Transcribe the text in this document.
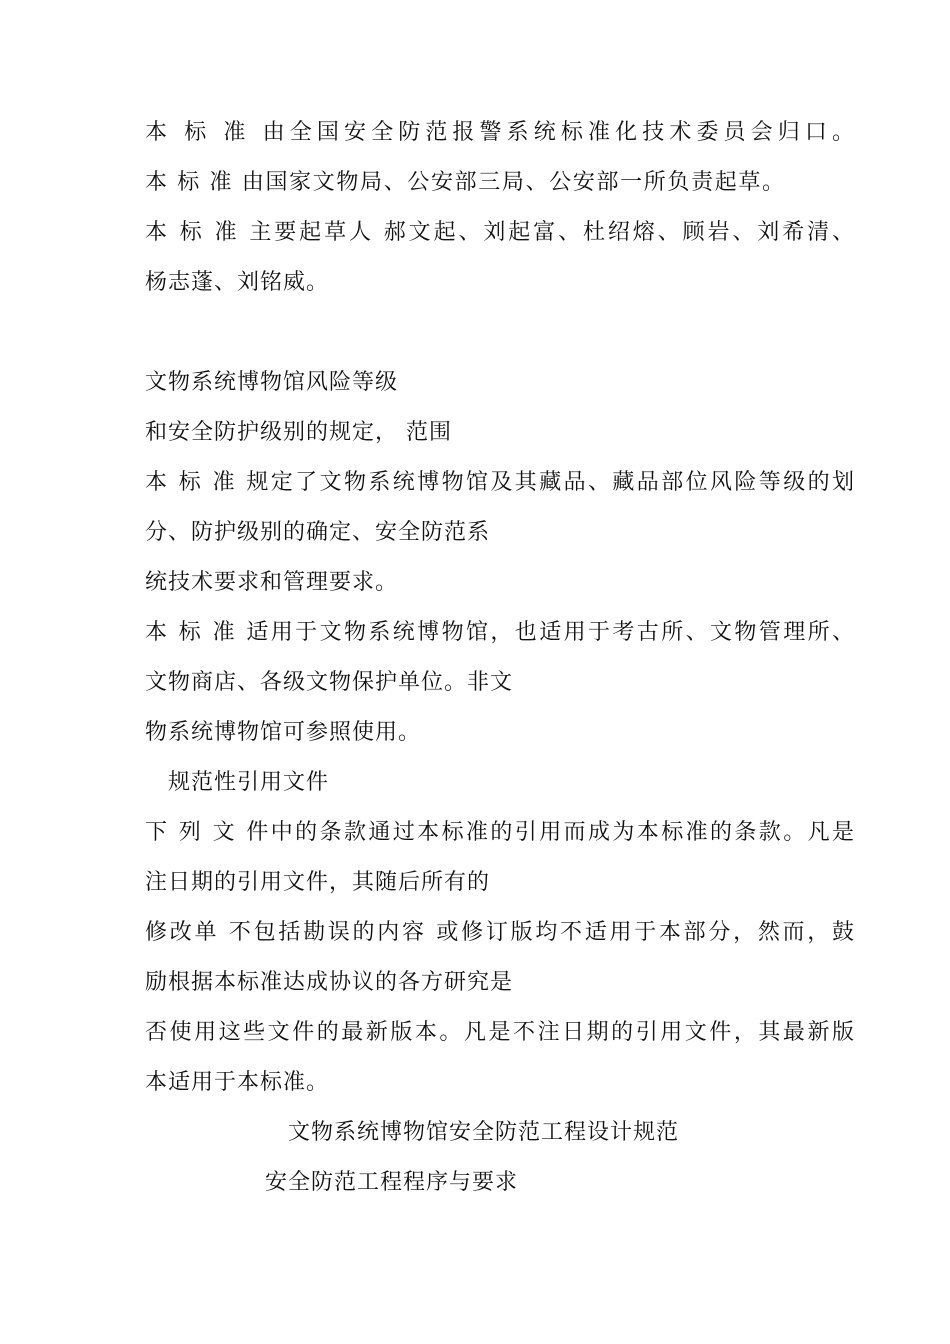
本 标 准 由全国安全防范报警系统标准化技术委员会归口。
本 标 准 由国家文物局、公安部三局、公安部一所负责起草。
本 标 准 主要起草人 郝文起、刘起富、杜绍熔、顾岩、刘希清、
杨志蓬、刘铭威。
文物系统博物馆风险等级
和安全防护级别的规定， 范围
本 标 准 规定了文物系统博物馆及其藏品、藏品部位风险等级的划
分、防护级别的确定、安全防范系
统技术要求和管理要求。
本 标 准 适用于文物系统博物馆，也适用于考古所、文物管理所、
文物商店、各级文物保护单位。非文
物系统博物馆可参照使用。
规范性引用文件
下 列 文 件中的条款通过本标准的引用而成为本标准的条款。凡是
注日期的引用文件，其随后所有的
修改单 不包括勘误的内容 或修订版均不适用于本部分，然而，鼓
励根据本标准达成协议的各方研究是
否使用这些文件的最新版本。凡是不注日期的引用文件，其最新版
本适用于本标准。
文物系统博物馆安全防范工程设计规范
安全防范工程程序与要求
